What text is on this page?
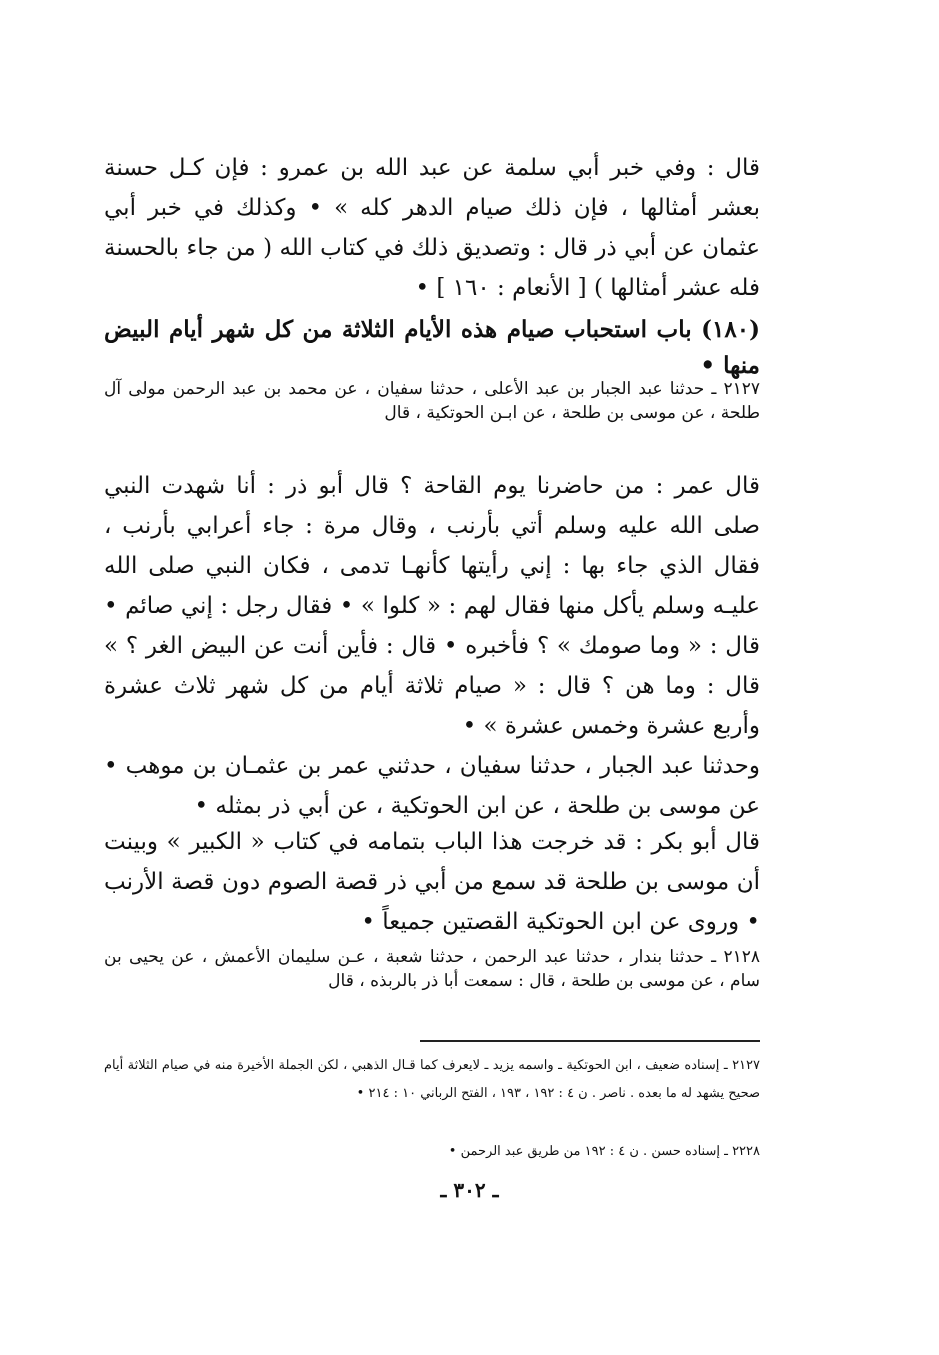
قال : وفي خبر أبي سلمة عن عبد الله بن عمرو : فإن كـل حسنة بعشر أمثالها ، فإن ذلك صيام الدهر كله » • وكذلك في خبر أبي عثمان عن أبي ذر قال : وتصديق ذلك في كتاب الله ( من جاء بالحسنة فله عشر أمثالها ) [ الأنعام : ١٦٠ ] •

(١٨٠) باب استحباب صيام هذه الأيام الثلاثة من كل شهر أيام البيض منها •

٢١٢٧ ـ حدثنا عبد الجبار بن عبد الأعلى ، حدثنا سفيان ، عن محمد بن عبد الرحمن مولى آل طلحة ، عن موسى بن طلحة ، عن ابـن الحوتكية ، قال

قال عمر : من حاضرنا يوم القاحة ؟ قال أبو ذر : أنا شهدت النبي صلى الله عليه وسلم أتي بأرنب ، وقال مرة : جاء أعرابي بأرنب ، فقال الذي جاء بها : إني رأيتها كأنهـا تدمى ، فكان النبي صلى الله عليـه وسلم يأكل منها فقال لهم : « كلوا » • فقال رجل : إني صائم • قال : « وما صومك » ؟ فأخبره • قال : فأين أنت عن البيض الغر ؟ » قال : وما هن ؟ قال : « صيام ثلاثة أيام من كل شهر ثلاث عشرة وأربع عشرة وخمس عشرة » •

وحدثنا عبد الجبار ، حدثنا سفيان ، حدثني عمر بن عثمـان بن موهب • عن موسى بن طلحة ، عن ابن الحوتكية ، عن أبي ذر بمثله •

قال أبو بكر : قد خرجت هذا الباب بتمامه في كتاب « الكبير » وبينت أن موسى بن طلحة قد سمع من أبي ذر قصة الصوم دون قصة الأرنب • وروى عن ابن الحوتكية القصتين جميعاً •

٢١٢٨ ـ حدثنا بندار ، حدثنا عبد الرحمن ، حدثنا شعبة ، عـن سليمان الأعمش ، عن يحيى بن سام ، عن موسى بن طلحة ، قال : سمعت أبا ذر بالربذه ، قال

٢١٢٧ ـ إسناده ضعيف ، ابن الحوتكية ـ واسمه يزيد ـ لايعرف كما قـال الذهبي ، لكن الجملة الأخيرة منه في صيام الثلاثة أيام صحيح يشهد له ما بعده . ناصر . ن ٤ : ١٩٢ ، ١٩٣ ، الفتح الرباني ١٠ : ٢١٤ •

٢٢٢٨ ـ إسناده حسن . ن ٤ : ١٩٢ من طريق عبد الرحمن •

ـ ٣٠٢ ـ
